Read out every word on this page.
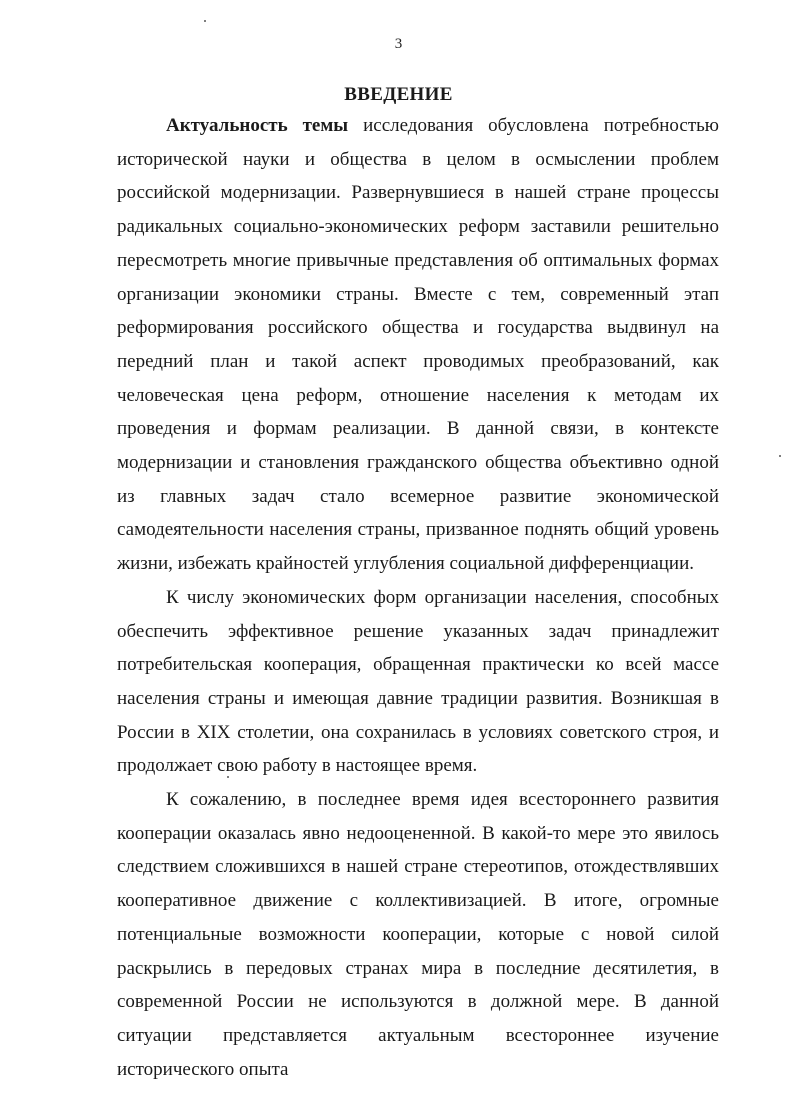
3
ВВЕДЕНИЕ

Актуальность темы исследования обусловлена потребностью исторической науки и общества в целом в осмыслении проблем российской модернизации. Развернувшиеся в нашей стране процессы радикальных социально-экономических реформ заставили решительно пересмотреть многие привычные представления об оптимальных формах организации экономики страны. Вместе с тем, современный этап реформирования российского общества и государства выдвинул на передний план и такой аспект проводимых преобразований, как человеческая цена реформ, отношение населения к методам их проведения и формам реализации. В данной связи, в контексте модернизации и становления гражданского общества объективно одной из главных задач стало всемерное развитие экономической самодеятельности населения страны, призванное поднять общий уровень жизни, избежать крайностей углубления социальной дифференциации.

К числу экономических форм организации населения, способных обеспечить эффективное решение указанных задач принадлежит потребительская кооперация, обращенная практически ко всей массе населения страны и имеющая давние традиции развития. Возникшая в России в XIX столетии, она сохранилась в условиях советского строя, и продолжает свою работу в настоящее время.

К сожалению, в последнее время идея всестороннего развития кооперации оказалась явно недооцененной. В какой-то мере это явилось следствием сложившихся в нашей стране стереотипов, отождествлявших кооперативное движение с коллективизацией. В итоге, огромные потенциальные возможности кооперации, которые с новой силой раскрылись в передовых странах мира в последние десятилетия, в современной России не используются в должной мере. В данной ситуации представляется актуальным всестороннее изучение исторического опыта
